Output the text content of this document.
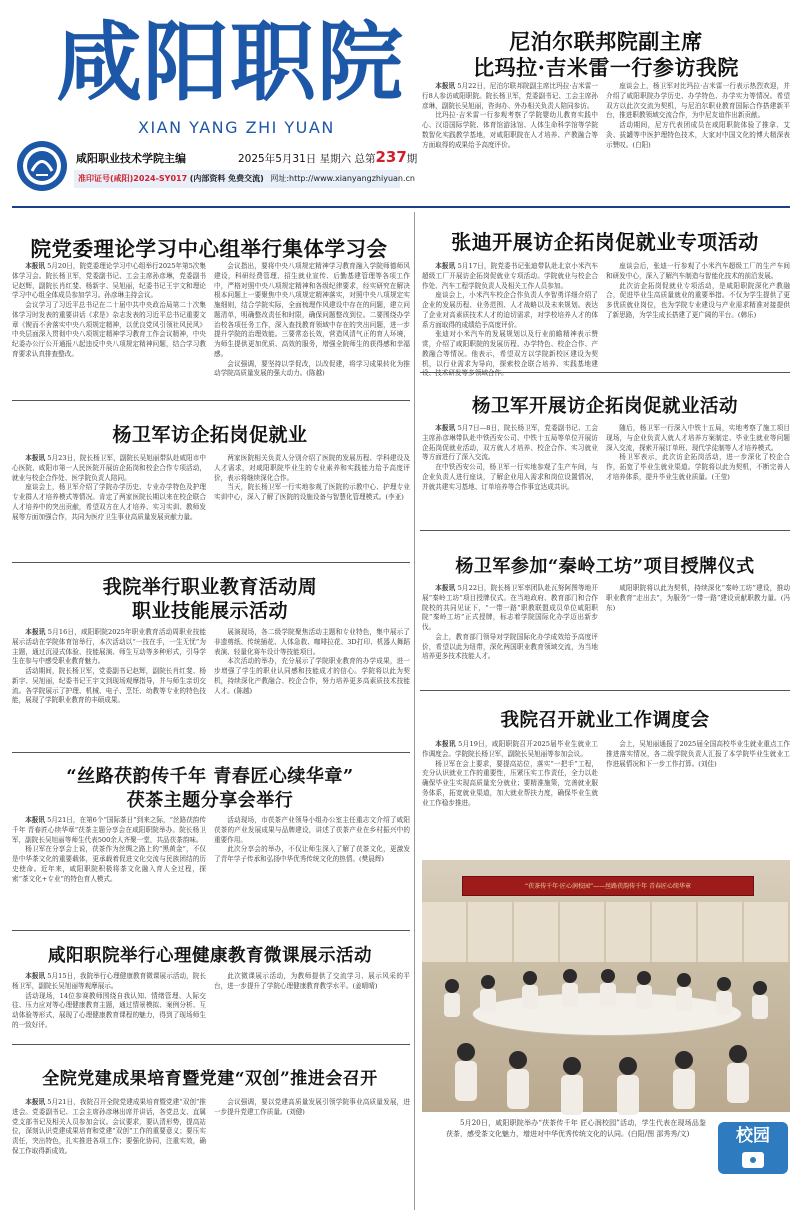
咸阳职院
XIAN YANG ZHI YUAN
咸阳职业技术学院主编	2025年5月31日 星期六 总第237期
准印证号(咸阳)2024-SY017 (内部资料 免费交流) 网址:http://www.xianyangzhiyuan.cn
尼泊尔联邦院副主席
比玛拉·吉米雷一行参访我院

本报讯 5月22日，尼泊尔联邦院副主席比玛拉·吉米雷一行8人参访咸阳职院。院长杨卫军，党委副书记、工会主席孙彦琳，副院长吴旭丽，咨询办、外办相关负责人陪同参访。

比玛拉·吉米雷一行参观考察了学院婴幼儿教育实践中心、汉语国际学院、体育馆游泳馆、人体生命科学馆等学院数智化实践教学基地，对咸阳职院在人才培养、产教融合等方面取得的成果给予高度评价。

座谈会上，杨卫军对比玛拉·吉米雷一行表示热烈欢迎，并介绍了咸阳职院办学历史、办学特色、办学实力等情况。希望双方以此次交流为契机，与尼泊尔职业教育国际合作搭建新平台，推进职教领域交流合作，为中尼友谊作出新贡献。

活动期间，尼方代表团成员在咸阳职院体验了推拿、艾灸、拔罐等中医护理特色技术，大家对中国文化的博大精深表示赞叹。(白阳)

院党委理论学习中心组举行集体学习会

本报讯 5月20日，院党委理论学习中心组举行2025年第5次集体学习会。院长杨卫军，党委副书记、工会主席孙彦琳，党委副书记赵辉，副院长肖红斐、杨新宇、吴旭丽，纪委书记王宇文和理论学习中心组全体成员参加学习。孙彦琳主持会议。

会议学习了习近平总书记在二十届中共中央政治局第二十次集体学习时发表的重要讲话《求是》杂志发表的习近平总书记重要文章《锲而不舍落实中央八项规定精神，以优良党风引领社风民风》中央层面深入贯彻中央八项规定精神学习教育工作会议精神，中央纪委办公厅公开通报八起违反中央八项规定精神问题，结合学习教育要求认真排查整改。

会议指出，要将中央八项规定精神学习教育融入学院师德师风建设，科研经费管理、招生就业宣传、后勤基建管理等各项工作中，严格对照中央八项规定精神和各级纪律要求，经实研究在解决根本问题上一要聚焦中央八项规定精神落实，对照中央八项规定实施细则，结合学院实际，全面梳理作风建设中存在的问题，建立问题清单，明确整改责任和时限，确保问题整改到位。二要围绕办学治校各项任务工作，深入查找教育领域中存在的突出问题，进一步提升学院的治理效能。三要常态长效，营造风清气正的育人环境，为师生提供更加优质、高效的服务，增强全院师生的获得感和幸福感。

会议强调，要坚持以学促改，以改促建，将学习成果转化为推动学院高质量发展的强大动力。(陈越)

杨卫军访企拓岗促就业

本报讯 5月23日，院长杨卫军，副院长吴旭丽带队赴咸阳市中心医院、咸阳市第一人民医院开展访企拓岗和校企合作专项活动，就业与校企合作处、医学院负责人陪同。

座谈会上，杨卫军介绍了学院办学历史、专业办学特色及护理专业群人才培养模式等情况。肯定了两家医院长期以来在校企联合人才培养中的突出贡献，希望双方在人才培养、实习实训、教师发展等方面加强合作，共同为医疗卫生事业高质量发展贡献力量。

两家医院相关负责人分别介绍了医院的发展历程、学科建设及人才需求，对咸阳职院毕业生的专业素养和实践能力给予高度评价，表示将继续深化合作。

当天，院长杨卫军一行实地参观了医院的示教中心、护理专业实训中心，深入了解了医院的设施设备与智慧化管理模式。(李亚)

我院举行职业教育活动周
职业技能展示活动

本报讯 5月16日，咸阳职院2025年职业教育活动周职业技能展示活动在学院体育馆举行，本次活动以“一技在手，一生无忧”为主题，通过沉浸式体验、技能展演、师生互动等多种形式，引导学生在参与中感受职业教育魅力。

活动期间，院长杨卫军，党委副书记赵辉，副院长肖红斐、杨新宇、吴旭丽，纪委书记王宇文到现场观摩指导，并与师生亲切交流。各学院展示了护理、机械、电子、烹饪、幼教等专业的特色技能，展现了学院职业教育的丰硕成果。

展演现场，各二级学院聚焦活动主题和专业特色，集中展示了非遗剪纸、传统插花、人体急救、咖啡拉花、3D打印、机器人舞蹈表演、轻量化赛车设计等技能项目。

本次活动的举办，充分展示了学院职业教育的办学成果，进一步增强了学生的职业认同感和技能成才的信心。学院将以此为契机，持续深化产教融合、校企合作，努力培养更多高素质技术技能人才。(陈越)

“丝路茯韵传千年 青春匠心续华章”
茯茶主题分享会举行

本报讯 5月21日，在第6个“国际茶日”到来之际，“丝路茯韵传千年 青春匠心续华章”茯茶主题分享会在咸阳职院举办。院长杨卫军，副院长吴旭丽等师生代表500余人齐聚一堂，共品茯茶韵味。

杨卫军在分享会上说，茯茶作为丝绸之路上的“黑黄金”，不仅是中华茶文化的重要载体，更承载着促进文化交流与民族团结的历史使命。近年来，咸阳职院积极将茶文化融入育人全过程，探索“茶文化+专业”的特色育人模式。

活动现场，市茯茶产业领导小组办公室主任重志文介绍了咸阳茯茶的产业发展成果与品牌建设，讲述了茯茶产业在乡村振兴中的重要作用。

此次分享会的举办，不仅让师生深入了解了茯茶文化，更激发了青年学子传承和弘扬中华优秀传统文化的热情。(樊晨辉)

咸阳职院举行心理健康教育微课展示活动

本报讯 5月15日，我院举行心理健康教育微课展示活动，院长杨卫军，副院长吴旭丽等观摩展示。

活动现场，14位参赛教师围绕自我认知、情绪管理、人际交往、压力应对等心理健康教育主题，通过情景模拟、案例分析、互动体验等形式，展现了心理健康教育课程的魅力，得到了现场师生的一致好评。

此次微课展示活动，为教师提供了交流学习、展示风采的平台，进一步提升了学院心理健康教育教学水平。(姜晴晴)

全院党建成果培育暨党建“双创”推进会召开

本报讯 5月21日，我院召开全院党建成果培育暨党建“双创”推进会。党委副书记、工会主席孙彦琳出席并讲话，各党总支、直属党支部书记及相关人员参加会议。会议要求，要认清形势，提高站位，深刻认识党建成果培育和党建“双创”工作的重要意义；要压实责任，突出特色，扎实推进各项工作；要强化协同，注重实效，确保工作取得新成效。

会议强调，要以党建高质量发展引领学院事业高质量发展，进一步提升党建工作质量。(刘健)

张迪开展访企拓岗促就业专项活动

本报讯 5月17日，院党委书记张迪带队赴北京小米汽车超级工厂开展访企拓岗促就业专项活动。学院就业与校企合作处、汽车工程学院负责人及相关工作人员参加。

座谈会上，小米汽车校企合作负责人李智勇详细介绍了企业的发展历程、业务范围、人才战略以及未来规划。表达了企业对高素质技术人才的迫切需求，对学校培养人才的体系方面取得的成绩给予高度评价。

张迪对小米汽车的发展规划以及行业前瞻精神表示赞赏，介绍了咸阳职院的发展历程、办学特色、校企合作、产教融合等情况。他表示，希望双方以学院新校区建设为契机，以行业需求为导向，探索校企联合培养、实践基地建设、技术研发等多领域合作。

座谈会后，张迪一行参观了小米汽车超级工厂的生产车间和研发中心，深入了解汽车制造与智能化技术的前沿发展。

此次访企拓岗促就业专项活动，是咸阳职院深化产教融合，促进毕业生高质量就业的重要举措。不仅为学生提供了更多优质就业岗位，也为学院专业建设与产业需求精准对接提供了新思路，为学生成长搭建了更广阔的平台。(韩乐)

杨卫军开展访企拓岗促就业活动

本报讯 5月7日—8日，院长杨卫军，党委副书记、工会主席孙彦琳带队赴中铁西安公司、中铁十五局等单位开展访企拓岗促就业活动，双方就人才培养、校企合作、实习就业等方面进行了深入交流。

在中铁西安公司，杨卫军一行实地参观了生产车间，与企业负责人进行座谈，了解企业用人需求和岗位设置情况，并就共建实习基地、订单培养等合作事宜达成共识。

随后，杨卫军一行深入中铁十五局，实地考察了施工项目现场，与企业负责人就人才培养方案制定、毕业生就业等问题深入交流，探索开展订单班、现代学徒制等人才培养模式。

杨卫军表示，此次访企拓岗活动，进一步深化了校企合作，拓宽了毕业生就业渠道。学院将以此为契机，不断完善人才培养体系，提升毕业生就业质量。(王莹)

杨卫军参加“秦岭工坊”项目授牌仪式

本报讯 5月22日，院长杨卫军率团队赴瓦努阿图等地开展“秦岭工坊”项目授牌仪式。在当地政府、教育部门和合作院校的共同见证下，“一带一路”职教联盟成员单位咸阳职院“秦岭工坊”正式授牌，标志着学院国际化办学迈出新步伐。

会上，教育部门领导对学院国际化办学成效给予高度评价，希望以此为纽带，深化两国职业教育领域交流，为当地培养更多技术技能人才。

咸阳职院将以此为契机，持续深化“秦岭工坊”建设，推动职业教育“走出去”，为服务“一带一路”建设贡献职教力量。(冯东)

我院召开就业工作调度会

本报讯 5月19日，咸阳职院召开2025届毕业生就业工作调度会。学院院长杨卫军，副院长吴旭丽等参加会议。

杨卫军在会上要求，要提高站位，落实“一把手”工程，充分认识就业工作的重要性，压紧压实工作责任，全力以赴确保毕业生实现高质量充分就业；要精准施策，完善就业服务体系，拓宽就业渠道，加大就业帮扶力度，确保毕业生就业工作稳步推进。

会上，吴旭丽通报了2025届全国高校毕业生就业重点工作推进落实情况，各二级学院负责人汇报了本学院毕业生就业工作进展情况和下一步工作打算。(刘佳)

“茯茶传千年·匠心润校园”——丝路茯韵传千年 青春匠心续华章

5月20日，咸阳职院举办“茯茶传千年 匠心润校园”活动，学生代表在现场品鉴茯茶，感受茶文化魅力，增进对中华优秀传统文化的认同。(白阳/图 邵秀秀/文)	校园
